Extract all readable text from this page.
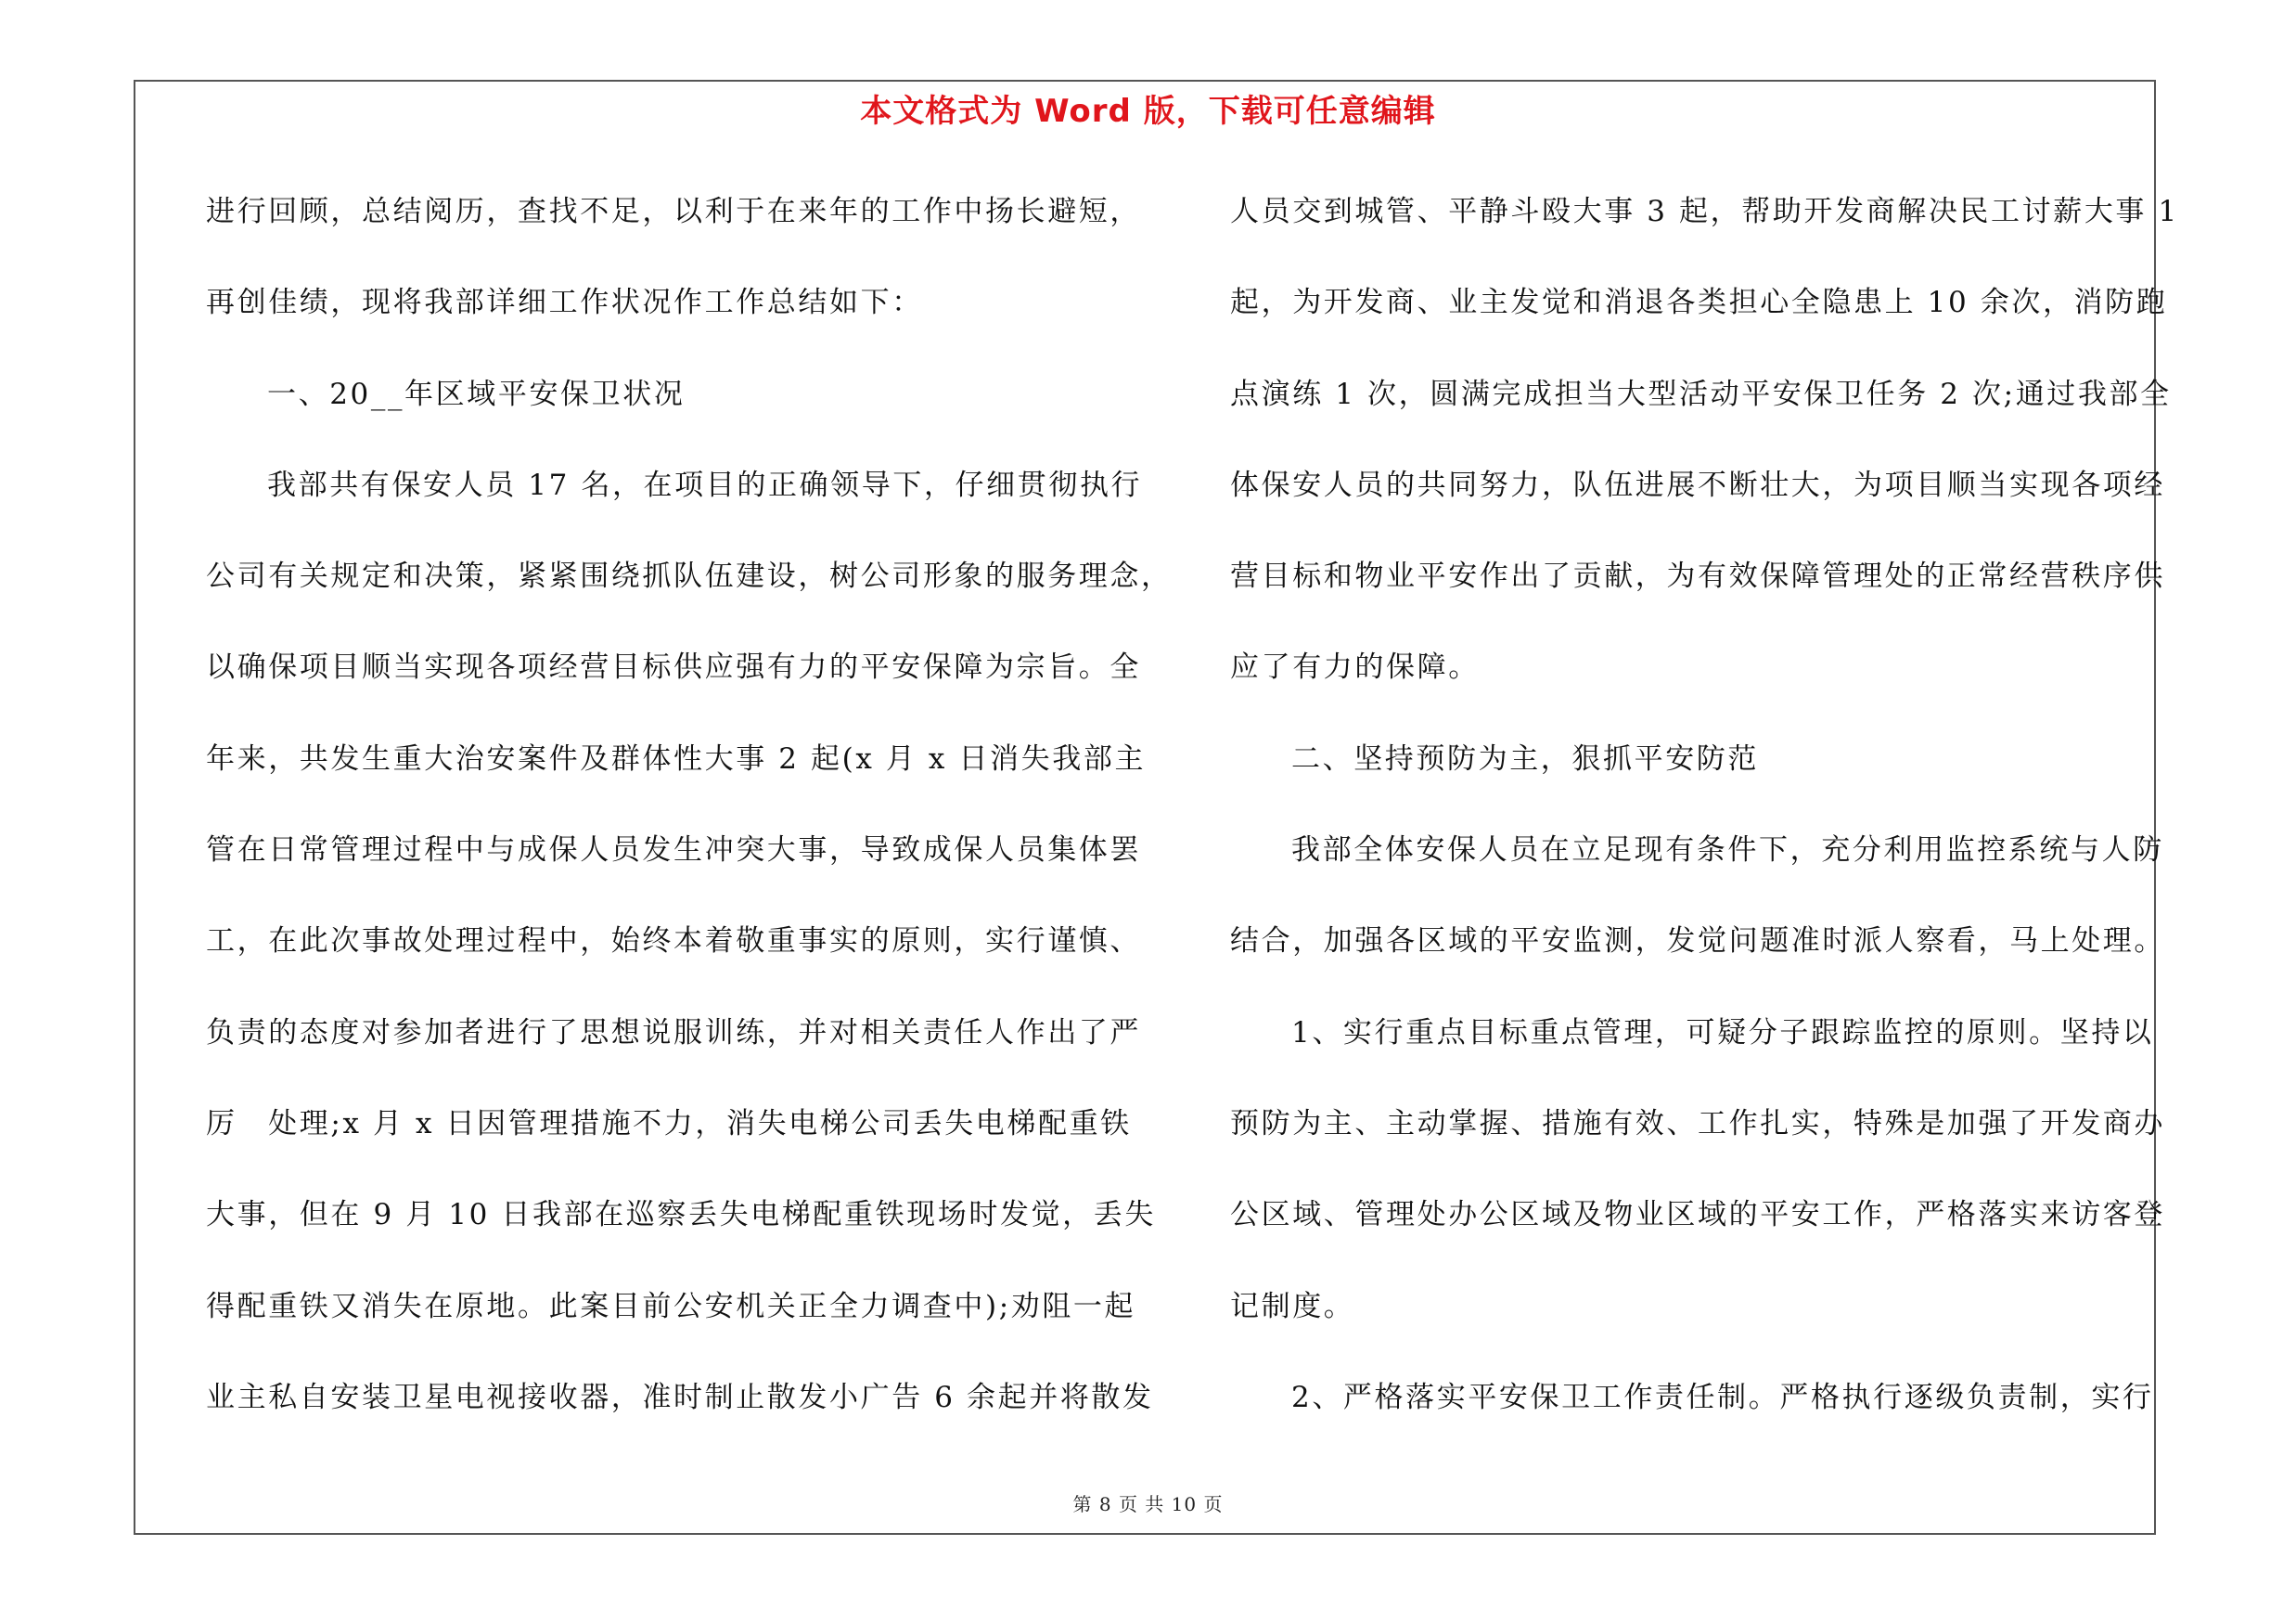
本文格式为 Word 版，下载可任意编辑
进行回顾，总结阅历，查找不足，以利于在来年的工作中扬长避短，
再创佳绩，现将我部详细工作状况作工作总结如下：
一、20__年区域平安保卫状况
我部共有保安人员 17 名，在项目的正确领导下，仔细贯彻执行
公司有关规定和决策，紧紧围绕抓队伍建设，树公司形象的服务理念，
以确保项目顺当实现各项经营目标供应强有力的平安保障为宗旨。全
年来，共发生重大治安案件及群体性大事 2 起(x 月 x 日消失我部主
管在日常管理过程中与成保人员发生冲突大事，导致成保人员集体罢
工，在此次事故处理过程中，始终本着敬重事实的原则，实行谨慎、
负责的态度对参加者进行了思想说服训练，并对相关责任人作出了严
厉　处理;x 月 x 日因管理措施不力，消失电梯公司丢失电梯配重铁
大事，但在 9 月 10 日我部在巡察丢失电梯配重铁现场时发觉，丢失
得配重铁又消失在原地。此案目前公安机关正全力调查中);劝阻一起
业主私自安装卫星电视接收器，准时制止散发小广告 6 余起并将散发
人员交到城管、平静斗殴大事 3 起，帮助开发商解决民工讨薪大事 1
起，为开发商、业主发觉和消退各类担心全隐患上 10 余次，消防跑
点演练 1 次，圆满完成担当大型活动平安保卫任务 2 次;通过我部全
体保安人员的共同努力，队伍进展不断壮大，为项目顺当实现各项经
营目标和物业平安作出了贡献，为有效保障管理处的正常经营秩序供
应了有力的保障。
二、坚持预防为主，狠抓平安防范
我部全体安保人员在立足现有条件下，充分利用监控系统与人防
结合，加强各区域的平安监测，发觉问题准时派人察看，马上处理。
1、实行重点目标重点管理，可疑分子跟踪监控的原则。坚持以
预防为主、主动掌握、措施有效、工作扎实，特殊是加强了开发商办
公区域、管理处办公区域及物业区域的平安工作，严格落实来访客登
记制度。
2、严格落实平安保卫工作责任制。严格执行逐级负责制，实行
第 8 页 共 10 页
